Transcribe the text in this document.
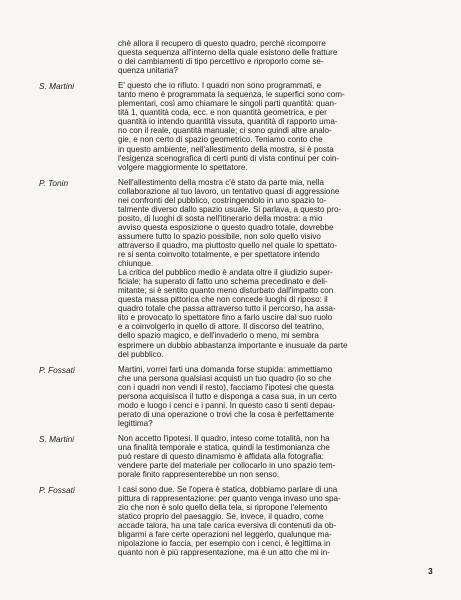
chè allora il recupero di questo quadro, perchè ricomporre
questa sequenza all'interno della quale esistono delle fratture
o dei cambiamenti di tipo percettivo e riproporlo come se-
quenza unitaria?
S. Martini	E' questo che io rifiuto. I quadri non sono programmati, e
tanto meno è programmata la sequenza, le superfici sono com-
plementari, così amo chiamare le singoli parti quantità: quan-
tità 1, quantità coda, ecc. e non quantità geometrica, e per
quantità io intendo quantità vissuta, quantità di rapporto uma-
no con il reale, quantità manuale; ci sono quindi altre analo-
gie, e non certo di spazio geometrico. Teniamo conto che
in questo ambiente, nell'allestimento della mostra, si è posta
l'esigenza scenografica di certi punti di vista continui per coin-
volgere maggiormente lo spettatore.
P. Tonin	Nell'allestimento della mostra c'è stato da parte mia, nella
collaborazione al tuo lavoro, un tentativo quasi di aggressione
nei confronti del pubblico, costringendolo in uno spazio to-
talmente diverso dallo spazio usuale. Si parlava, a questo pro-
posito, di luoghi di sosta nell'itinerario della mostra: a mio
avviso questa esposizione o questo quadro totale, dovrebbe
assumere tutto lo spazio possibile, non solo quello visivo
attraverso il quadro, ma piuttosto quello nel quale lo spettato-
re si senta coinvolto totalmente, e per spettatore intendo
chiunque.
La critica del pubblico medio è andata oltre il giudizio super-
ficiale; ha superato di fatto uno schema precedinato e deli-
mitante; si è sentito quanto meno disturbato dall'impatto con
questa massa pittorica che non concede luoghi di riposo: il
quadro totale che passa attraverso tutto il percorso, ha assa-
lito e provocato lo spettatore fino a farlo uscire dal suo ruolo
e a coinvolgerlo in quello di attore. Il discorso del teatrino,
dello spazio magico, e dell'invaderlo o meno, mi sembra
esprimere un dubbio abbastanza importante e inusuale da parte
del pubblico.
P. Fossati	Martini, vorrei farti una domanda forse stupida: ammettiamo
che una persona qualsiasi acquisti un tuo quadro (io so che
con i quadri non vendi il resto), facciamo l'ipotesi che questa
persona acquisisca il tutto e disponga a casa sua, in un certo
modo e luogo i cenci e i panni. In questo caso ti senti depau-
perato di una operazione o trovi che la cosa è perfettamente
legittima?
S. Martini	Non accetto l'ipotesi. Il quadro, inteso come totalità, non ha
una finalità temporale e statica, quindi la testimonianza che
può restare di questo dinamismo è affidata alla fotografia:
vendere parte del materiale per collocarlo in uno spazio tem-
porale finito rappresenterebbe un non senso.
P. Fossati	I casi sono due. Se l'opera è statica, dobbiamo parlare di una
pittura di rappresentazione: per quanto venga invaso uno spa-
zio che non è solo quello della tela, si ripropone l'elemento
statico proprio del paesaggio. Se, invece, il quadro, come
accade talora, ha una tale carica eversiva di contenuti da ob-
bligarmi a fare certe operazioni nel leggerlo, qualunque ma-
nipolazione io faccia, per esempio con i cenci, è legittima in
quanto non è più rappresentazione, ma è un atto che mi in-
3
